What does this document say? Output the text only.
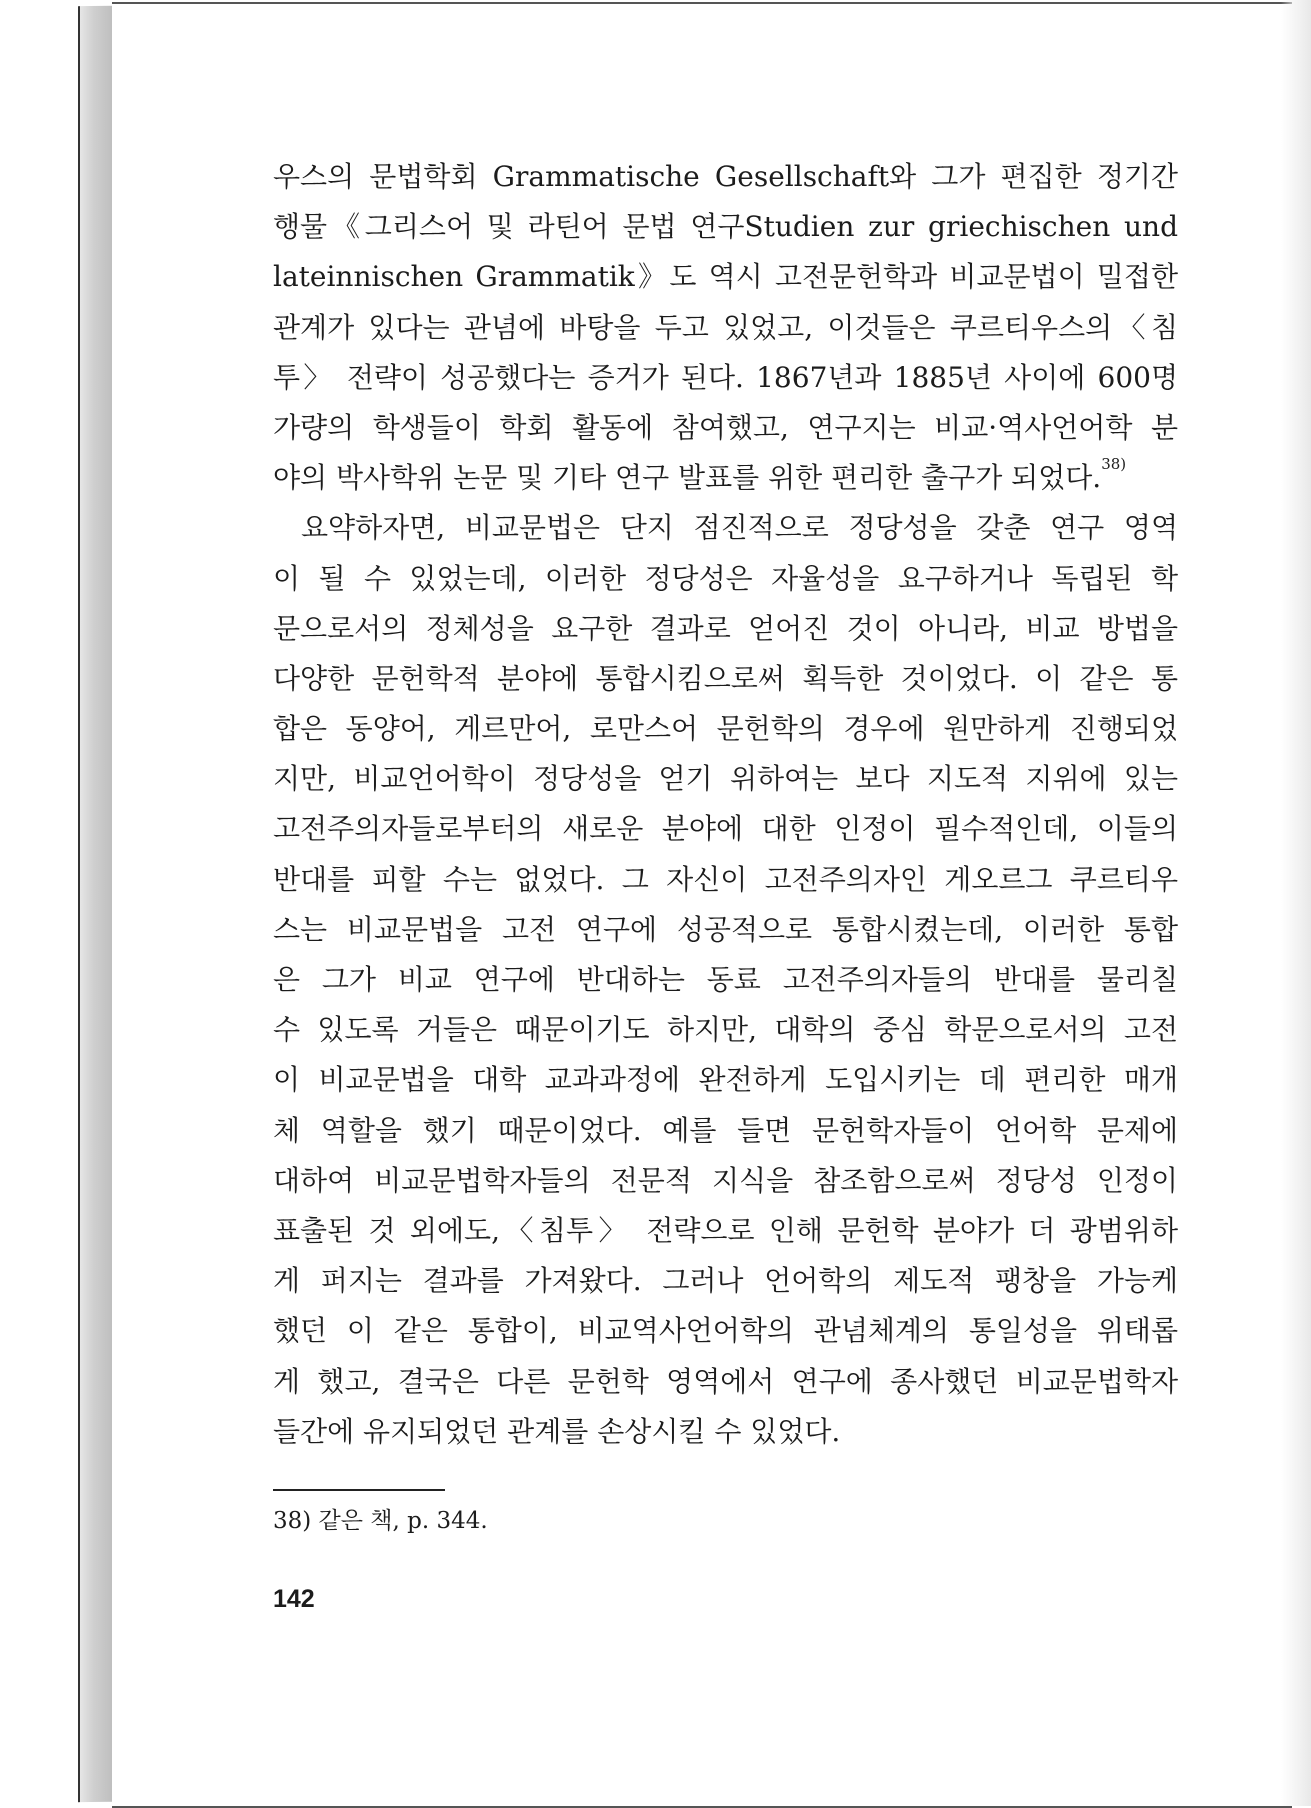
우스의 문법학회 Grammatische Gesellschaft와 그가 편집한 정기간
행물《그리스어 및 라틴어 문법 연구Studien zur griechischen und
lateinnischen Grammatik》도 역시 고전문헌학과 비교문법이 밀접한
관계가 있다는 관념에 바탕을 두고 있었고, 이것들은 쿠르티우스의〈침
투〉 전략이 성공했다는 증거가 된다. 1867년과 1885년 사이에 600명
가량의 학생들이 학회 활동에 참여했고, 연구지는 비교·역사언어학 분
야의 박사학위 논문 및 기타 연구 발표를 위한 편리한 출구가 되었다.$^{38)}$
요약하자면, 비교문법은 단지 점진적으로 정당성을 갖춘 연구 영역
이 될 수 있었는데, 이러한 정당성은 자율성을 요구하거나 독립된 학
문으로서의 정체성을 요구한 결과로 얻어진 것이 아니라, 비교 방법을
다양한 문헌학적 분야에 통합시킴으로써 획득한 것이었다. 이 같은 통
합은 동양어, 게르만어, 로만스어 문헌학의 경우에 원만하게 진행되었
지만, 비교언어학이 정당성을 얻기 위하여는 보다 지도적 지위에 있는
고전주의자들로부터의 새로운 분야에 대한 인정이 필수적인데, 이들의
반대를 피할 수는 없었다. 그 자신이 고전주의자인 게오르그 쿠르티우
스는 비교문법을 고전 연구에 성공적으로 통합시켰는데, 이러한 통합
은 그가 비교 연구에 반대하는 동료 고전주의자들의 반대를 물리칠
수 있도록 거들은 때문이기도 하지만, 대학의 중심 학문으로서의 고전
이 비교문법을 대학 교과과정에 완전하게 도입시키는 데 편리한 매개
체 역할을 했기 때문이었다. 예를 들면 문헌학자들이 언어학 문제에
대하여 비교문법학자들의 전문적 지식을 참조함으로써 정당성 인정이
표출된 것 외에도,〈침투〉 전략으로 인해 문헌학 분야가 더 광범위하
게 퍼지는 결과를 가져왔다. 그러나 언어학의 제도적 팽창을 가능케
했던 이 같은 통합이, 비교역사언어학의 관념체계의 통일성을 위태롭
게 했고, 결국은 다른 문헌학 영역에서 연구에 종사했던 비교문법학자
들간에 유지되었던 관계를 손상시킬 수 있었다.
38) 같은 책, p. 344.
142
